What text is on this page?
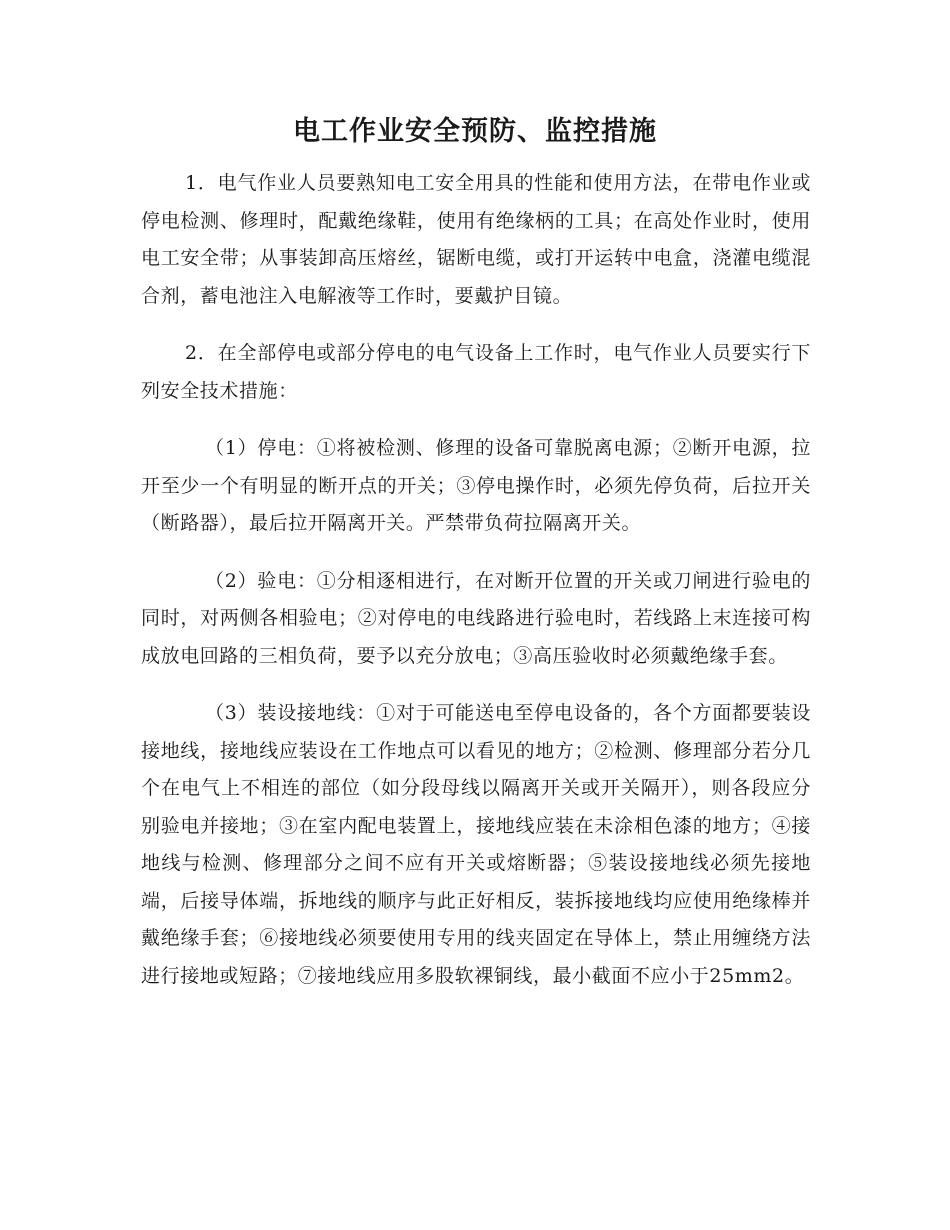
电工作业安全预防、监控措施

1．电气作业人员要熟知电工安全用具的性能和使用方法，在带电作业或停电检测、修理时，配戴绝缘鞋，使用有绝缘柄的工具；在高处作业时，使用电工安全带；从事装卸高压熔丝，锯断电缆，或打开运转中电盒，浇灌电缆混合剂，蓄电池注入电解液等工作时，要戴护目镜。

2．在全部停电或部分停电的电气设备上工作时，电气作业人员要实行下列安全技术措施：

（1）停电：①将被检测、修理的设备可靠脱离电源；②断开电源，拉开至少一个有明显的断开点的开关；③停电操作时，必须先停负荷，后拉开关（断路器），最后拉开隔离开关。严禁带负荷拉隔离开关。

（2）验电：①分相逐相进行，在对断开位置的开关或刀闸进行验电的同时，对两侧各相验电；②对停电的电线路进行验电时，若线路上末连接可构成放电回路的三相负荷，要予以充分放电；③高压验收时必须戴绝缘手套。

（3）装设接地线：①对于可能送电至停电设备的，各个方面都要装设接地线，接地线应装设在工作地点可以看见的地方；②检测、修理部分若分几个在电气上不相连的部位（如分段母线以隔离开关或开关隔开），则各段应分别验电并接地；③在室内配电装置上，接地线应装在未涂相色漆的地方；④接地线与检测、修理部分之间不应有开关或熔断器；⑤装设接地线必须先接地端，后接导体端，拆地线的顺序与此正好相反，装拆接地线均应使用绝缘棒并戴绝缘手套；⑥接地线必须要使用专用的线夹固定在导体上，禁止用缠绕方法进行接地或短路；⑦接地线应用多股软裸铜线，最小截面不应小于25mm2。
